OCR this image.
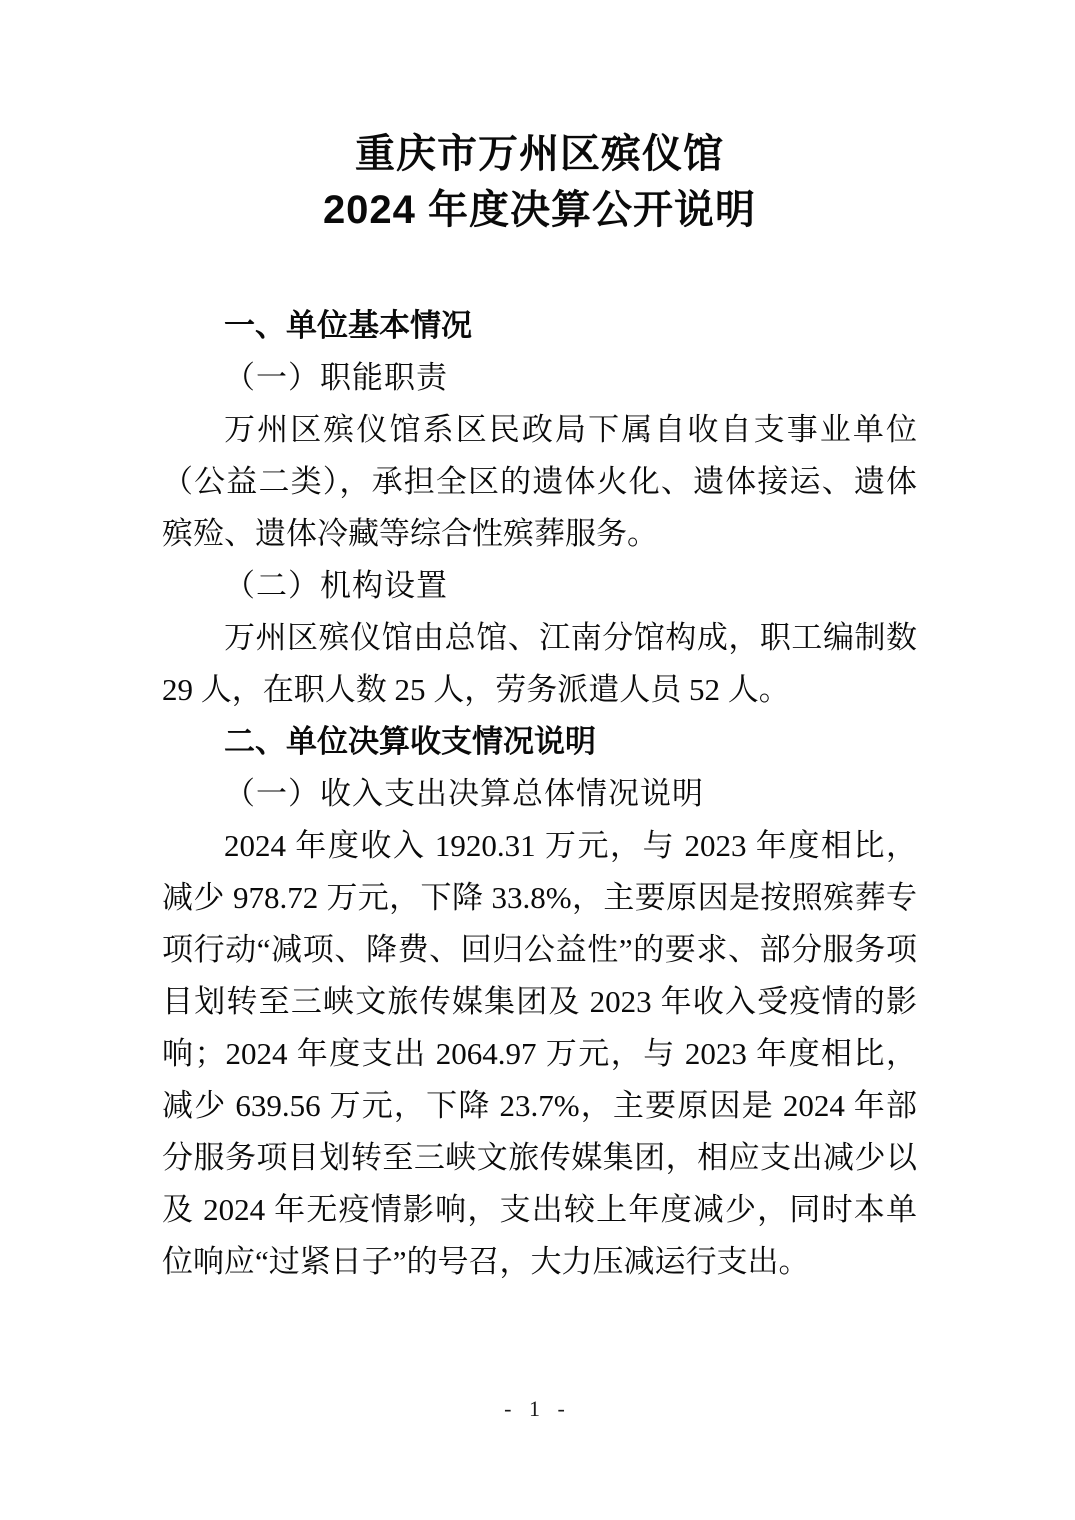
重庆市万州区殡仪馆
2024 年度决算公开说明
一、单位基本情况
（一）职能职责

万州区殡仪馆系区民政局下属自收自支事业单位（公益二类），承担全区的遗体火化、遗体接运、遗体殡殓、遗体冷藏等综合性殡葬服务。

（二）机构设置

万州区殡仪馆由总馆、江南分馆构成，职工编制数 29 人，在职人数 25 人，劳务派遣人员 52 人。

二、单位决算收支情况说明
（一）收入支出决算总体情况说明

2024 年度收入 1920.31 万元，与 2023 年度相比，减少 978.72 万元，下降 33.8%，主要原因是按照殡葬专项行动“减项、降费、回归公益性”的要求、部分服务项目划转至三峡文旅传媒集团及 2023 年收入受疫情的影响；2024 年度支出 2064.97 万元，与 2023 年度相比，减少 639.56 万元，下降 23.7%，主要原因是 2024 年部分服务项目划转至三峡文旅传媒集团，相应支出减少以及 2024 年无疫情影响，支出较上年度减少，同时本单位响应“过紧日子”的号召，大力压减运行支出。

- 1 -
